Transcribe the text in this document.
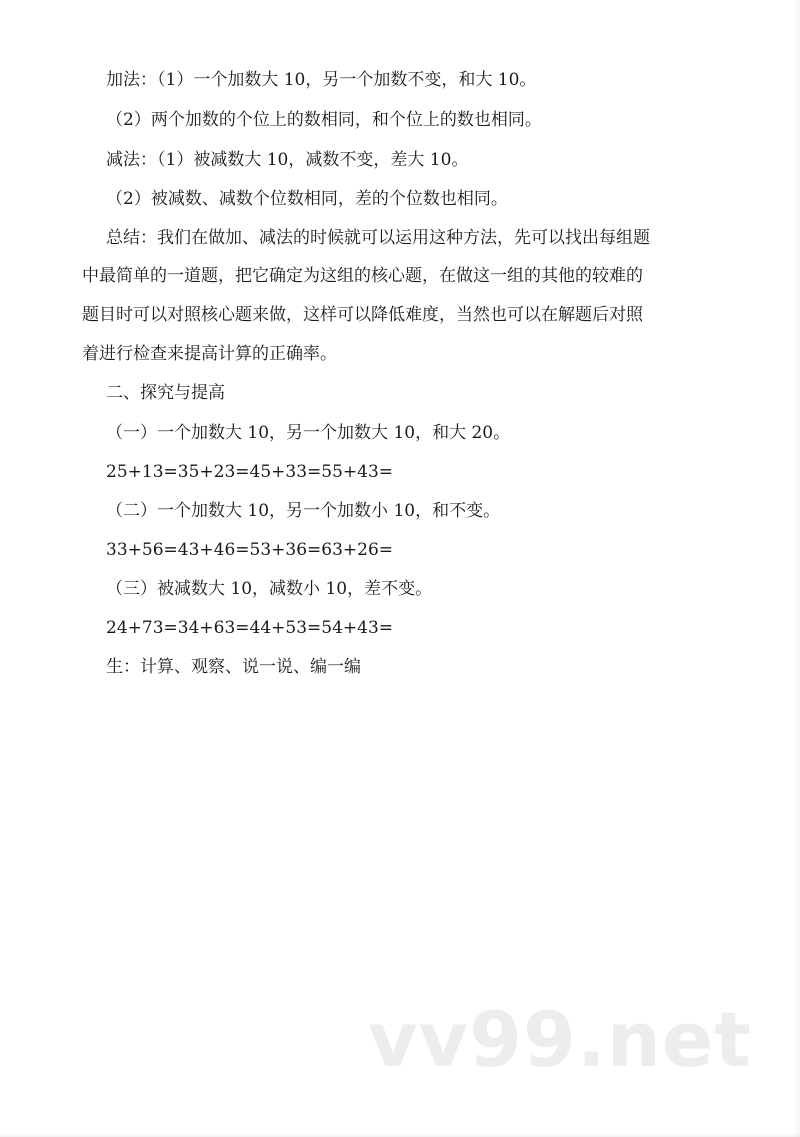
加法：（1）一个加数大 10，另一个加数不变，和大 10。
（2）两个加数的个位上的数相同，和个位上的数也相同。
减法：（1）被减数大 10，减数不变，差大 10。
（2）被减数、减数个位数相同，差的个位数也相同。
总结：我们在做加、减法的时候就可以运用这种方法，先可以找出每组题
中最简单的一道题，把它确定为这组的核心题，在做这一组的其他的较难的
题目时可以对照核心题来做，这样可以降低难度，当然也可以在解题后对照
着进行检查来提高计算的正确率。
二、探究与提高
（一）一个加数大 10，另一个加数大 10，和大 20。
25+13=35+23=45+33=55+43=
（二）一个加数大 10，另一个加数小 10，和不变。
33+56=43+46=53+36=63+26=
（三）被减数大 10，减数小 10，差不变。
24+73=34+63=44+53=54+43=
生：计算、观察、说一说、编一编
vv99.net
